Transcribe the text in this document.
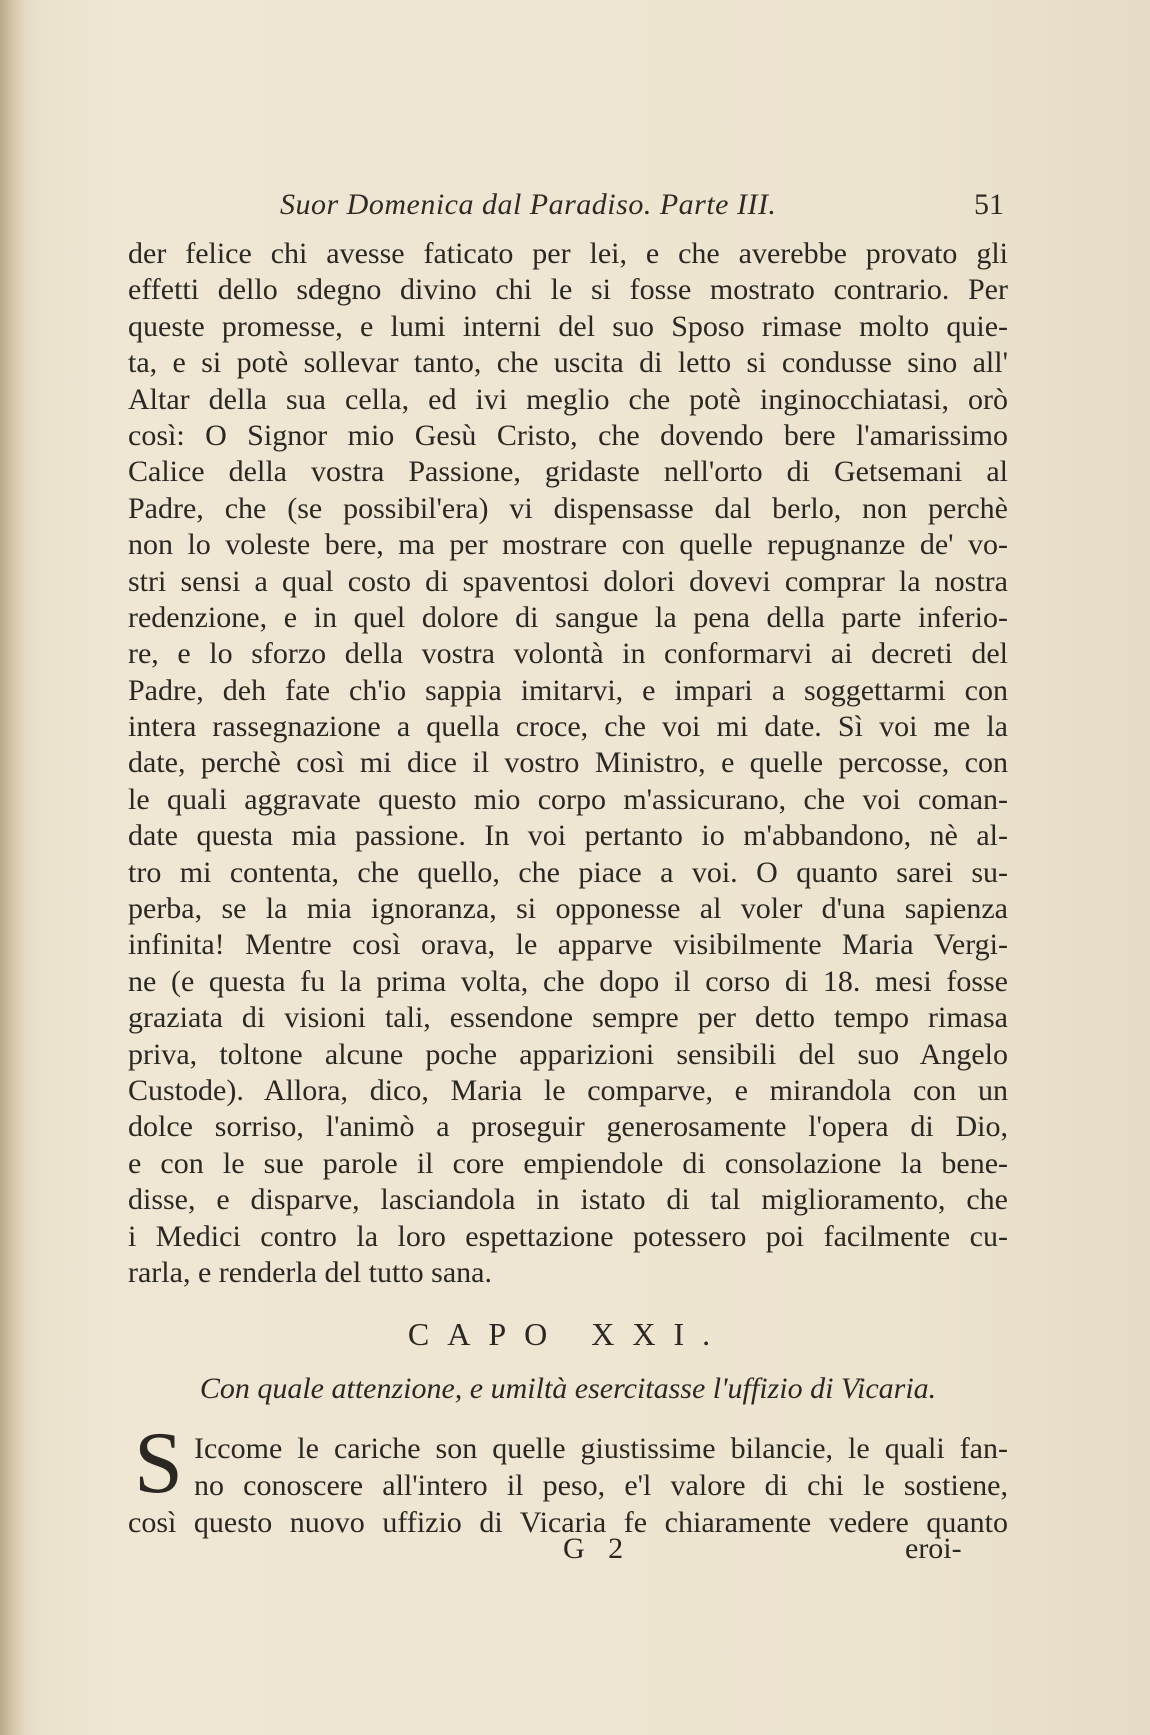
Suor Domenica dal Paradiso. Parte III.	51
der felice chi avesse faticato per lei, e che averebbe provato gli
effetti dello sdegno divino chi le si fosse mostrato contrario. Per
queste promesse, e lumi interni del suo Sposo rimase molto quie-
ta, e si potè sollevar tanto, che uscita di letto si condusse sino all'
Altar della sua cella, ed ivi meglio che potè inginocchiatasi, orò
così: O Signor mio Gesù Cristo, che dovendo bere l'amarissimo
Calice della vostra Passione, gridaste nell'orto di Getsemani al
Padre, che (se possibil'era) vi dispensasse dal berlo, non perchè
non lo voleste bere, ma per mostrare con quelle repugnanze de' vo-
stri sensi a qual costo di spaventosi dolori dovevi comprar la nostra
redenzione, e in quel dolore di sangue la pena della parte inferio-
re, e lo sforzo della vostra volontà in conformarvi ai decreti del
Padre, deh fate ch'io sappia imitarvi, e impari a soggettarmi con
intera rassegnazione a quella croce, che voi mi date. Sì voi me la
date, perchè così mi dice il vostro Ministro, e quelle percosse, con
le quali aggravate questo mio corpo m'assicurano, che voi coman-
date questa mia passione. In voi pertanto io m'abbandono, nè al-
tro mi contenta, che quello, che piace a voi. O quanto sarei su-
perba, se la mia ignoranza, si opponesse al voler d'una sapienza
infinita! Mentre così orava, le apparve visibilmente Maria Vergi-
ne (e questa fu la prima volta, che dopo il corso di 18. mesi fosse
graziata di visioni tali, essendone sempre per detto tempo rimasa
priva, toltone alcune poche apparizioni sensibili del suo Angelo
Custode). Allora, dico, Maria le comparve, e mirandola con un
dolce sorriso, l'animò a proseguir generosamente l'opera di Dio,
e con le sue parole il core empiendole di consolazione la bene-
disse, e disparve, lasciandola in istato di tal miglioramento, che
i Medici contro la loro espettazione potessero poi facilmente cu-
rarla, e renderla del tutto sana.
CAPO XXI.
Con quale attenzione, e umiltà esercitasse l'uffizio di Vicaria.
S Iccome le cariche son quelle giustissime bilancie, le quali fan-
no conoscere all'intero il peso, e'l valore di chi le sostiene,
così questo nuovo uffizio di Vicaria fe chiaramente vedere quanto
G 2	eroi-
